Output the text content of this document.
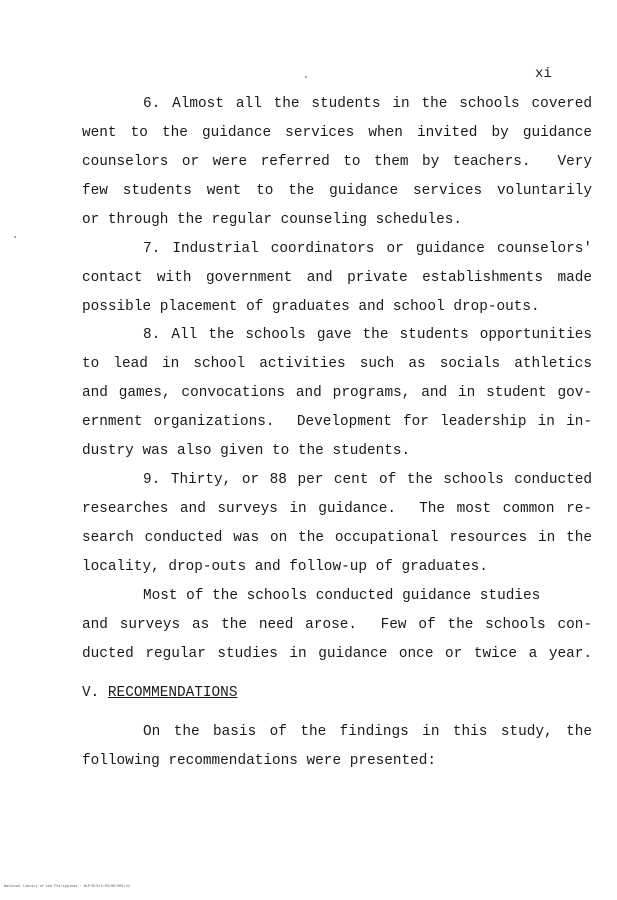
xi
6. Almost all the students in the schools covered
went to the guidance services when invited by guidance
counselors or were referred to them by teachers.  Very
few students went to the guidance services voluntarily
or through the regular counseling schedules.
7. Industrial coordinators or guidance counselors'
contact with government and private establishments made
possible placement of graduates and school drop-outs.
8. All the schools gave the students opportunities
to lead in school activities such as socials athletics
and games, convocations and programs, and in student gov-
ernment organizations.  Development for leadership in in-
dustry was also given to the students.
9. Thirty, or 88 per cent of the schools conducted
researches and surveys in guidance.  The most common re-
search conducted was on the occupational resources in the
locality, drop-outs and follow-up of graduates.
Most of the schools conducted guidance studies
and surveys as the need arose.  Few of the schools con-
ducted regular studies in guidance once or twice a year.
V. RECOMMENDATIONS
On the basis of the findings in this study, the
following recommendations were presented:
National Library of the Philippines · NLP/B/0/1/SS/HR/001/11
